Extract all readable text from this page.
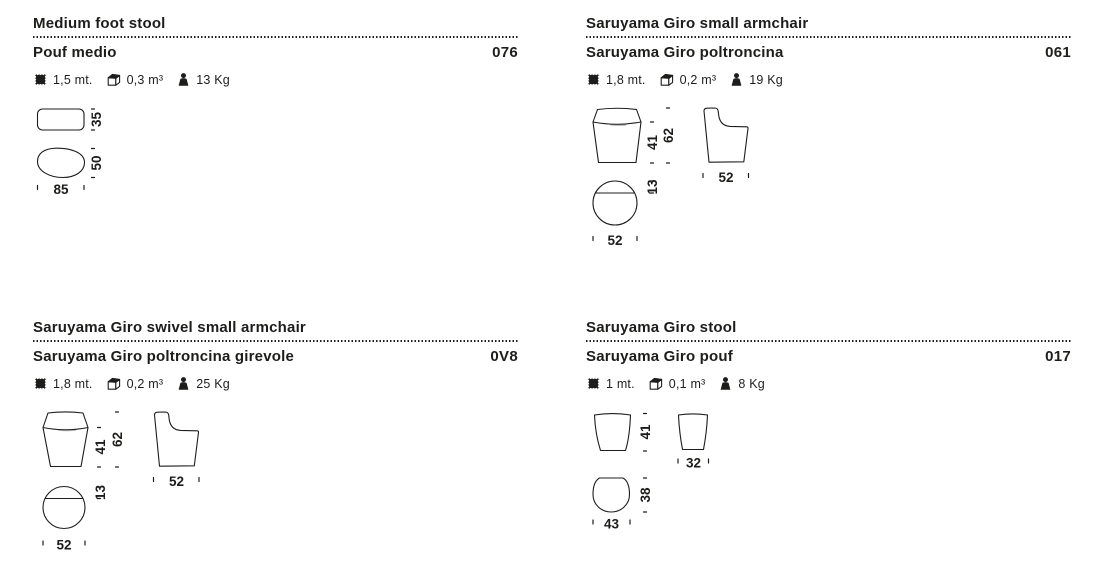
Medium foot stool
Pouf medio	076
1,5 mt.	0,3 m³	13 Kg
35
50
85
Saruyama Giro small armchair
Saruyama Giro poltroncina	061
1,8 mt.	0,2 m³	19 Kg
41 62
13
52
52
Saruyama Giro swivel small armchair
Saruyama Giro poltroncina girevole	0V8
1,8 mt.	0,2 m³	25 Kg
41 62
13
52
52
Saruyama Giro stool
Saruyama Giro pouf	017
1 mt.	0,1 m³	8 Kg
41
32
38
43
